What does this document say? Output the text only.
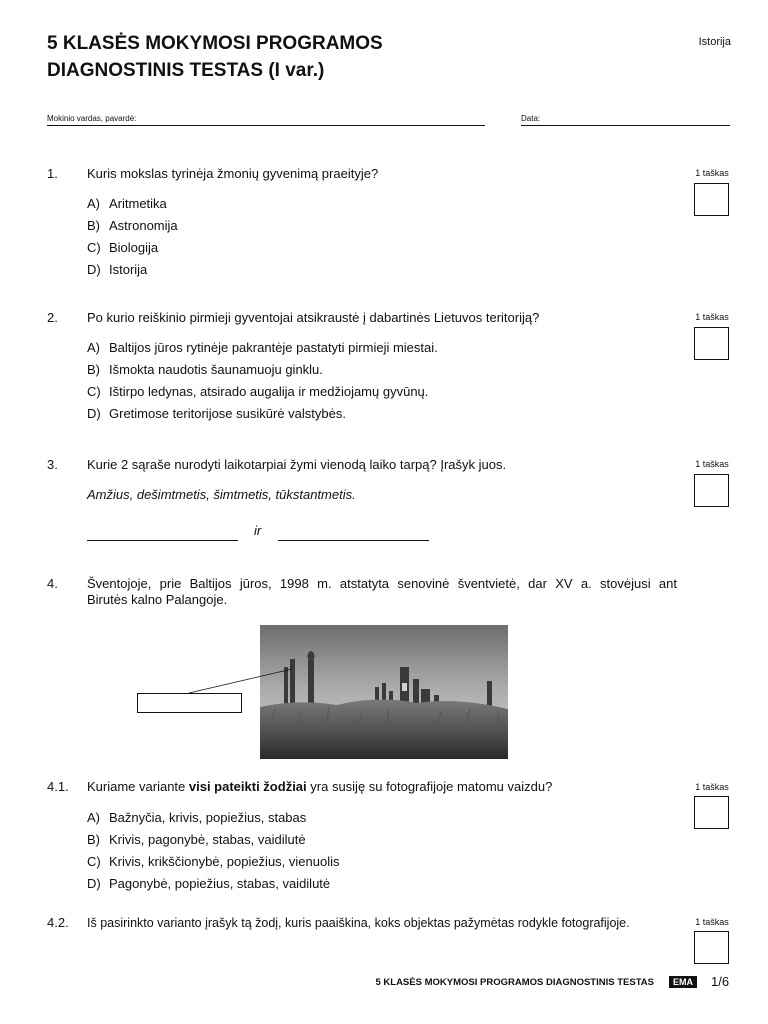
5 KLASĖS MOKYMOSI PROGRAMOS
DIAGNOSTINIS TESTAS (I var.)
Istorija
Mokinio vardas, pavardė:	Data:
1. Kuris mokslas tyrinėja žmonių gyvenimą praeityje?	1 taškas
A) Aritmetika
B) Astronomija
C) Biologija
D) Istorija
2. Po kurio reiškinio pirmieji gyventojai atsikraustė į dabartinės Lietuvos teritoriją?	1 taškas
A) Baltijos jūros rytinėje pakrantėje pastatyti pirmieji miestai.
B) Išmokta naudotis šaunamuoju ginklu.
C) Ištirpo ledynas, atsirado augalija ir medžiojamų gyvūnų.
D) Gretimose teritorijose susikūrė valstybės.
3. Kurie 2 sąraše nurodyti laikotarpiai žymi vienodą laiko tarpą? Įrašyk juos.	1 taškas
Amžius, dešimtmetis, šimtmetis, tūkstantmetis.
ir
4. Šventojoje, prie Baltijos jūros, 1998 m. atstatyta senovinė šventvietė, dar XV a. stovėjusi ant
Birutės kalno Palangoje.
4.1. Kuriame variante visi pateikti žodžiai yra susiję su fotografijoje matomu vaizdu?	1 taškas
A) Bažnyčia, krivis, popiežius, stabas
B) Krivis, pagonybė, stabas, vaidilutė
C) Krivis, krikščionybė, popiežius, vienuolis
D) Pagonybė, popiežius, stabas, vaidilutė
4.2. Iš pasirinkto varianto įrašyk tą žodį, kuris paaiškina, koks objektas pažymėtas rodykle fotografijoje.	1 taškas
5 KLASĖS MOKYMOSI PROGRAMOS DIAGNOSTINIS TESTAS	EMA	1/6
